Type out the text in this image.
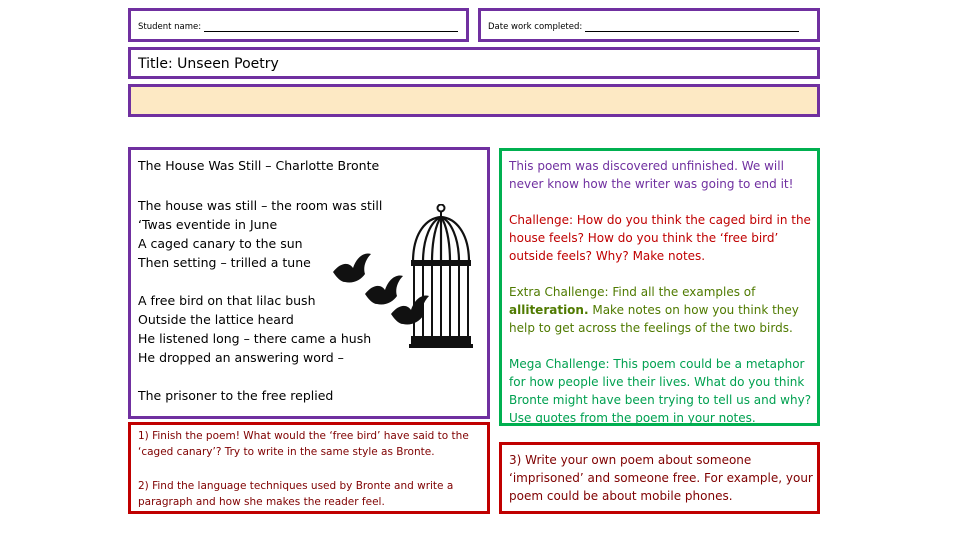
Student name:	Date work completed:
Title: Unseen Poetry
The House Was Still – Charlotte Bronte
The house was still – the room was still
‘Twas eventide in June
A caged canary to the sun
Then setting – trilled a tune
A free bird on that lilac bush
Outside the lattice heard
He listened long – there came a hush
He dropped an answering word –
The prisoner to the free replied
1) Finish the poem! What would the ‘free bird’ have said to the ‘caged canary’? Try to write in the same style as Bronte.
2) Find the language techniques used by Bronte and write a paragraph and how she makes the reader feel.
This poem was discovered unfinished. We will never know how the writer was going to end it!
Challenge: How do you think the caged bird in the house feels? How do you think the ‘free bird’ outside feels? Why? Make notes.
Extra Challenge: Find all the examples of alliteration. Make notes on how you think they help to get across the feelings of the two birds.
Mega Challenge: This poem could be a metaphor for how people live their lives. What do you think Bronte might have been trying to tell us and why? Use quotes from the poem in your notes.
3) Write your own poem about someone ‘imprisoned’ and someone free. For example, your poem could be about mobile phones.
